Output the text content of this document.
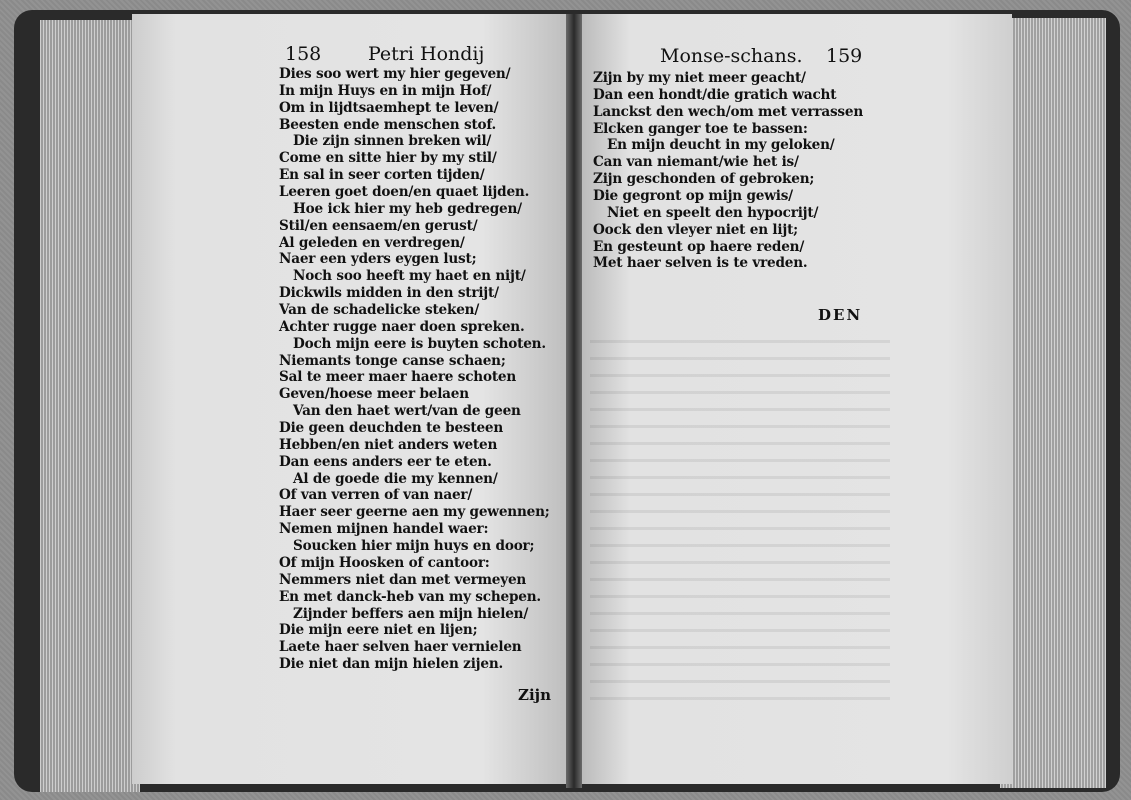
158 Petri Hondij
Dies soo wert my hier gegeven/
In mijn Huys en in mijn Hof/
Om in lijdtsaemhept te leven/
Beesten ende menschen stof.
Die zijn sinnen breken wil/
Come en sitte hier by my stil/
En sal in seer corten tijden/
Leeren goet doen/en quaet lijden.
Hoe ick hier my heb gedregen/
Stil/en eensaem/en gerust/
Al geleden en verdregen/
Naer een yders eygen lust;
Noch soo heeft my haet en nijt/
Dickwils midden in den strijt/
Van de schadelicke steken/
Achter rugge naer doen spreken.
Doch mijn eere is buyten schoten.
Niemants tonge canse schaen;
Sal te meer maer haere schoten
Geven/hoese meer belaen
Van den haet wert/van de geen
Die geen deuchden te besteen
Hebben/en niet anders weten
Dan eens anders eer te eten.
Al de goede die my kennen/
Of van verren of van naer/
Haer seer geerne aen my gewennen;
Nemen mijnen handel waer:
Soucken hier mijn huys en door;
Of mijn Hoosken of cantoor:
Nemmers niet dan met vermeyen
En met danck-heb van my schepen.
Zijnder beffers aen mijn hielen/
Die mijn eere niet en lijen;
Laete haer selven haer vernielen
Die niet dan mijn hielen zijen.
Zijn
Monse-schans. 159
Zijn by my niet meer geacht/
Dan een hondt/die gratich wacht
Lanckst den wech/om met verrassen
Elcken ganger toe te bassen:
En mijn deucht in my geloken/
Can van niemant/wie het is/
Zijn geschonden of gebroken;
Die gegront op mijn gewis/
Niet en speelt den hypocrijt/
Oock den vleyer niet en lijt;
En gesteunt op haere reden/
Met haer selven is te vreden.
DEN
